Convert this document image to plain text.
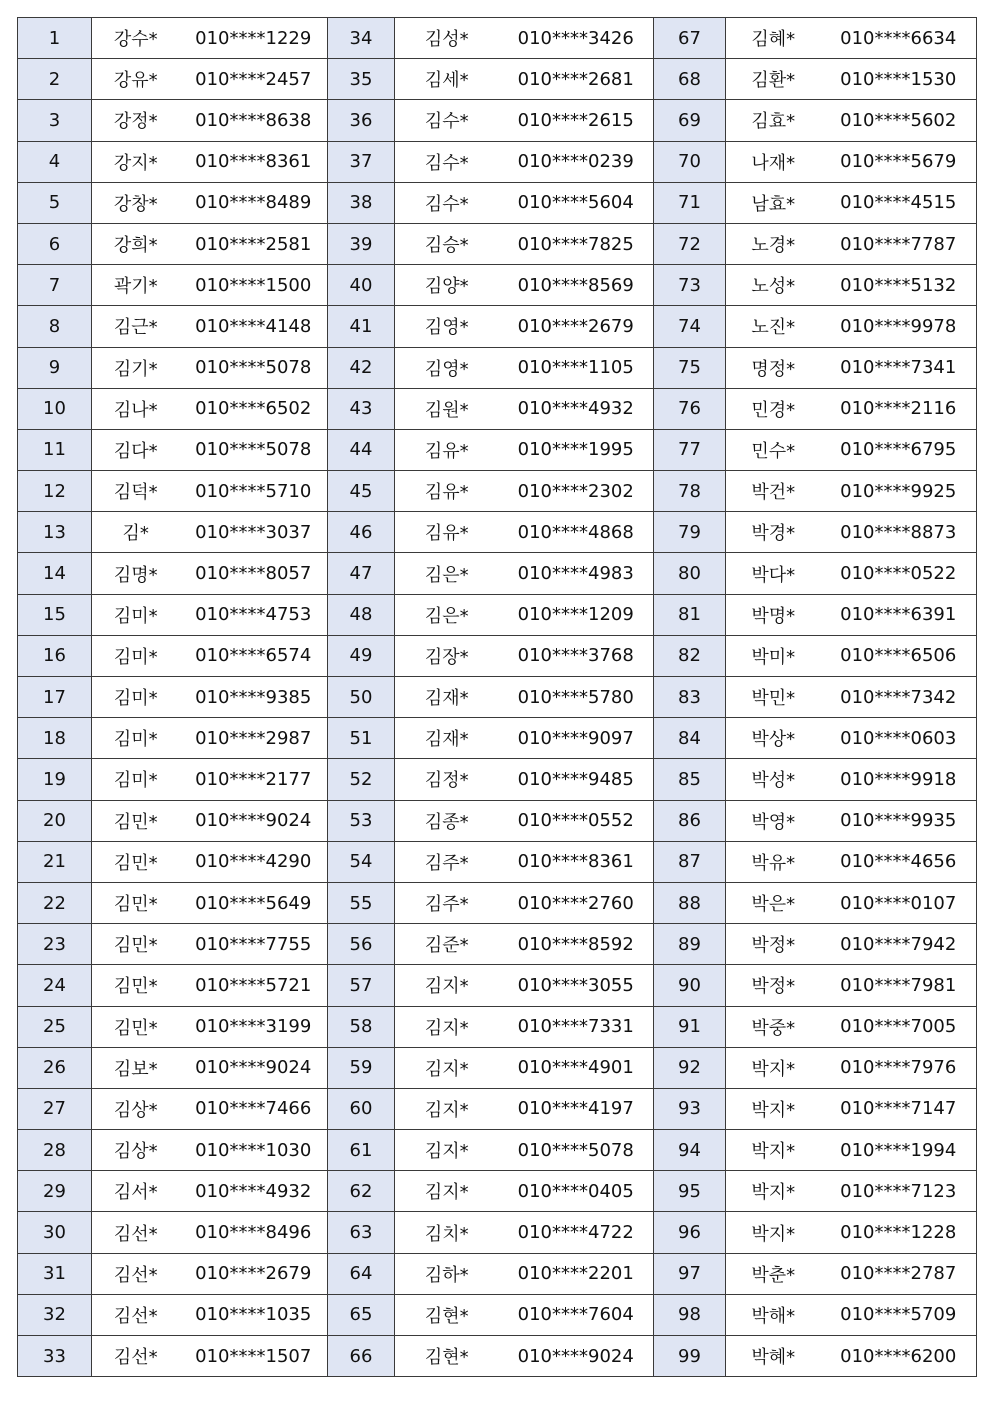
1	강수*	010****1229	34	김성*	010****3426	67	김혜*	010****6634
2	강유*	010****2457	35	김세*	010****2681	68	김환*	010****1530
3	강정*	010****8638	36	김수*	010****2615	69	김효*	010****5602
4	강지*	010****8361	37	김수*	010****0239	70	나재*	010****5679
5	강창*	010****8489	38	김수*	010****5604	71	남효*	010****4515
6	강희*	010****2581	39	김승*	010****7825	72	노경*	010****7787
7	곽기*	010****1500	40	김양*	010****8569	73	노성*	010****5132
8	김근*	010****4148	41	김영*	010****2679	74	노진*	010****9978
9	김기*	010****5078	42	김영*	010****1105	75	명정*	010****7341
10	김나*	010****6502	43	김원*	010****4932	76	민경*	010****2116
11	김다*	010****5078	44	김유*	010****1995	77	민수*	010****6795
12	김덕*	010****5710	45	김유*	010****2302	78	박건*	010****9925
13	김*	010****3037	46	김유*	010****4868	79	박경*	010****8873
14	김명*	010****8057	47	김은*	010****4983	80	박다*	010****0522
15	김미*	010****4753	48	김은*	010****1209	81	박명*	010****6391
16	김미*	010****6574	49	김장*	010****3768	82	박미*	010****6506
17	김미*	010****9385	50	김재*	010****5780	83	박민*	010****7342
18	김미*	010****2987	51	김재*	010****9097	84	박상*	010****0603
19	김미*	010****2177	52	김정*	010****9485	85	박성*	010****9918
20	김민*	010****9024	53	김종*	010****0552	86	박영*	010****9935
21	김민*	010****4290	54	김주*	010****8361	87	박유*	010****4656
22	김민*	010****5649	55	김주*	010****2760	88	박은*	010****0107
23	김민*	010****7755	56	김준*	010****8592	89	박정*	010****7942
24	김민*	010****5721	57	김지*	010****3055	90	박정*	010****7981
25	김민*	010****3199	58	김지*	010****7331	91	박중*	010****7005
26	김보*	010****9024	59	김지*	010****4901	92	박지*	010****7976
27	김상*	010****7466	60	김지*	010****4197	93	박지*	010****7147
28	김상*	010****1030	61	김지*	010****5078	94	박지*	010****1994
29	김서*	010****4932	62	김지*	010****0405	95	박지*	010****7123
30	김선*	010****8496	63	김치*	010****4722	96	박지*	010****1228
31	김선*	010****2679	64	김하*	010****2201	97	박춘*	010****2787
32	김선*	010****1035	65	김현*	010****7604	98	박해*	010****5709
33	김선*	010****1507	66	김현*	010****9024	99	박혜*	010****6200
